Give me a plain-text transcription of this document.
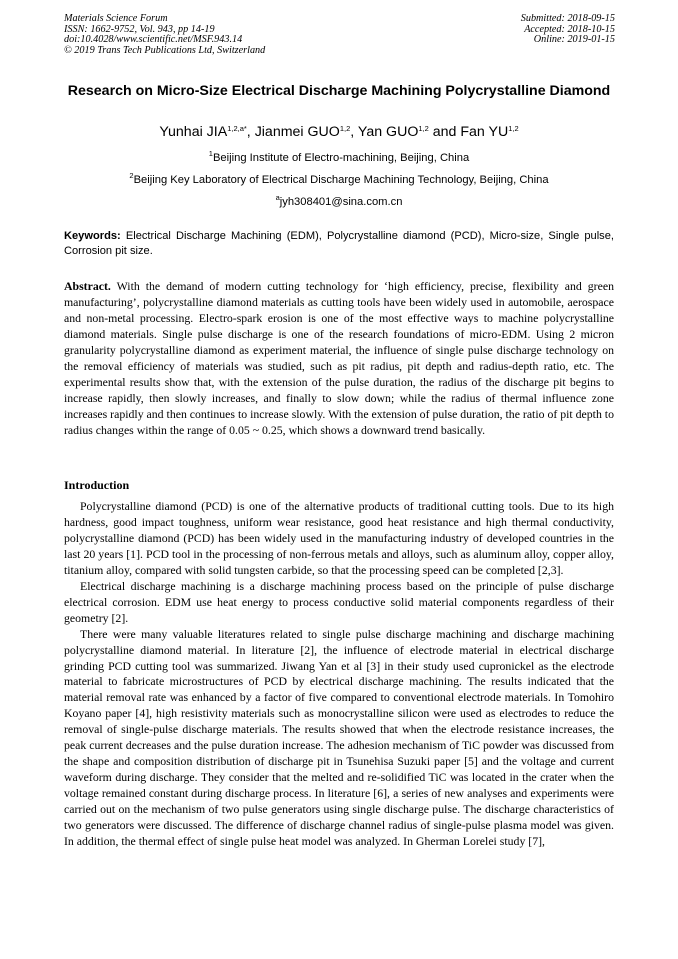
Materials Science Forum
ISSN: 1662-9752, Vol. 943, pp 14-19
doi:10.4028/www.scientific.net/MSF.943.14
© 2019 Trans Tech Publications Ltd, Switzerland
Submitted: 2018-09-15
Accepted: 2018-10-15
Online: 2019-01-15
Research on Micro-Size Electrical Discharge Machining Polycrystalline Diamond
Yunhai $JIA^{1,2,a*}$, Jianmei GUO$^{1,2}$, Yan GUO$^{1,2}$ and Fan YU$^{1,2}$
$^1$Beijing Institute of Electro-machining, Beijing, China
$^2$Beijing Key Laboratory of Electrical Discharge Machining Technology, Beijing, China
$^a$jyh308401@sina.com.cn
Keywords: Electrical Discharge Machining (EDM), Polycrystalline diamond (PCD), Micro-size, Single pulse, Corrosion pit size.
Abstract. With the demand of modern cutting technology for ‘high efficiency, precise, flexibility and green manufacturing’, polycrystalline diamond materials as cutting tools have been widely used in automobile, aerospace and non-metal processing. Electro-spark erosion is one of the most effective ways to machine polycrystalline diamond materials. Single pulse discharge is one of the research foundations of micro-EDM. Using 2 micron granularity polycrystalline diamond as experiment material, the influence of single pulse discharge technology on the removal efficiency of materials was studied, such as pit radius, pit depth and radius-depth ratio, etc. The experimental results show that, with the extension of the pulse duration, the radius of the discharge pit begins to increase rapidly, then slowly increases, and finally to slow down; while the radius of thermal influence zone increases rapidly and then continues to increase slowly. With the extension of pulse duration, the ratio of pit depth to radius changes within the range of 0.05 ~ 0.25, which shows a downward trend basically.
Introduction

Polycrystalline diamond (PCD) is one of the alternative products of traditional cutting tools. Due to its high hardness, good impact toughness, uniform wear resistance, good heat resistance and high thermal conductivity, polycrystalline diamond (PCD) has been widely used in the manufacturing industry of developed countries in the last 20 years [1]. PCD tool in the processing of non-ferrous metals and alloys, such as aluminum alloy, copper alloy, titanium alloy, compared with solid tungsten carbide, so that the processing speed can be completed [2,3].

Electrical discharge machining is a discharge machining process based on the principle of pulse discharge electrical corrosion. EDM use heat energy to process conductive solid material components regardless of their geometry [2].

There were many valuable literatures related to single pulse discharge machining and discharge machining polycrystalline diamond material. In literature [2], the influence of electrode material in electrical discharge grinding PCD cutting tool was summarized. Jiwang Yan et al [3] in their study used cupronickel as the electrode material to fabricate microstructures of PCD by electrical discharge machining. The results indicated that the material removal rate was enhanced by a factor of five compared to conventional electrode materials. In Tomohiro Koyano paper [4], high resistivity materials such as monocrystalline silicon were used as electrodes to reduce the removal of single-pulse discharge materials. The results showed that when the electrode resistance increases, the peak current decreases and the pulse duration increase. The adhesion mechanism of TiC powder was discussed from the shape and composition distribution of discharge pit in Tsunehisa Suzuki paper [5] and the voltage and current waveform during discharge. They consider that the melted and re-solidified TiC was located in the crater when the voltage remained constant during discharge process. In literature [6], a series of new analyses and experiments were carried out on the mechanism of two pulse generators using single discharge pulse. The discharge characteristics of two generators were discussed. The difference of discharge channel radius of single-pulse plasma model was given. In addition, the thermal effect of single pulse heat model was analyzed. In Gherman Lorelei study [7],
